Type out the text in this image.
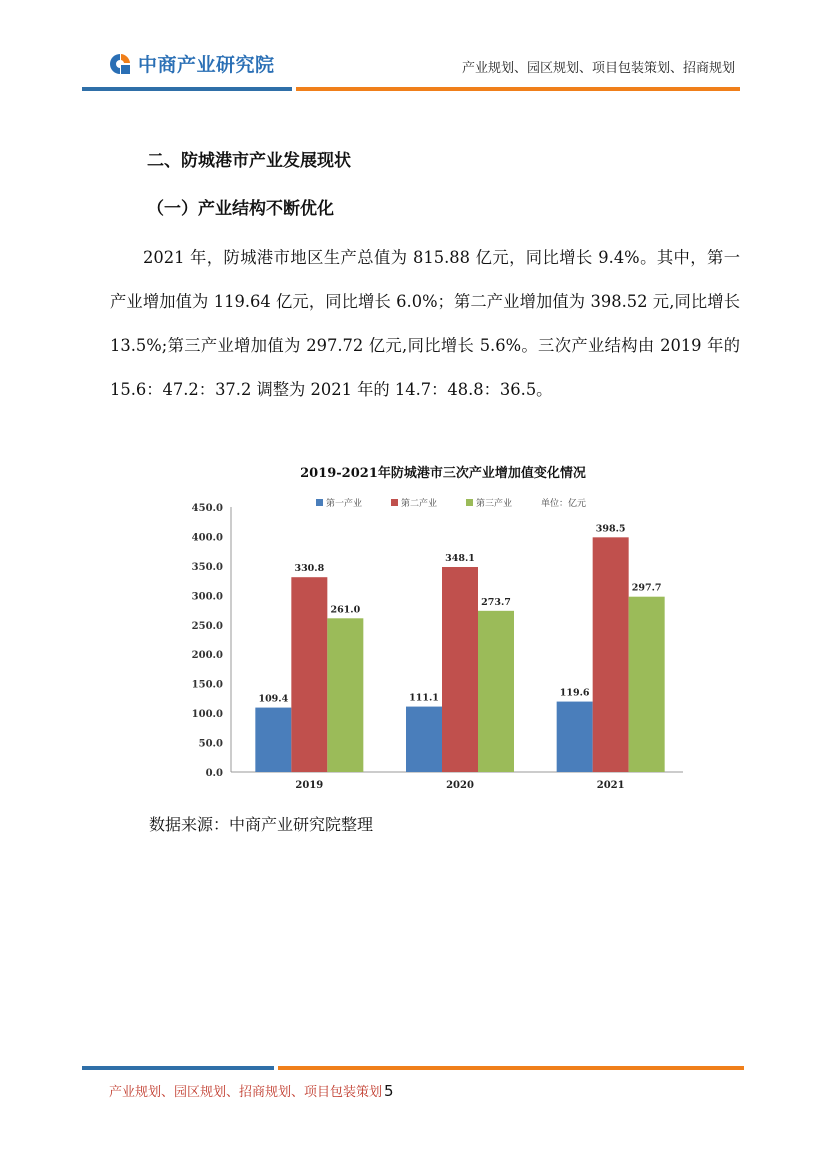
中商产业研究院	产业规划、园区规划、项目包装策划、招商规划
二、防城港市产业发展现状
（一）产业结构不断优化
2021 年，防城港市地区生产总值为 815.88 亿元，同比增长 9.4%。其中，第一产业增加值为 119.64 亿元，同比增长 6.0%；第二产业增加值为 398.52 元,同比增长 13.5%;第三产业增加值为 297.72 亿元,同比增长 5.6%。三次产业结构由 2019 年的 15.6：47.2：37.2 调整为 2021 年的 14.7：48.8：36.5。
2019-2021年防城港市三次产业增加值变化情况
第一产业	第二产业	第三产业	单位：亿元
0.0
50.0
100.0
150.0
200.0
250.0
300.0
350.0
400.0
450.0
109.4
330.8
261.0
111.1
348.1
273.7
119.6
398.5
297.7
2019	2020	2021
数据来源：中商产业研究院整理
产业规划、园区规划、招商规划、项目包装策划 5
